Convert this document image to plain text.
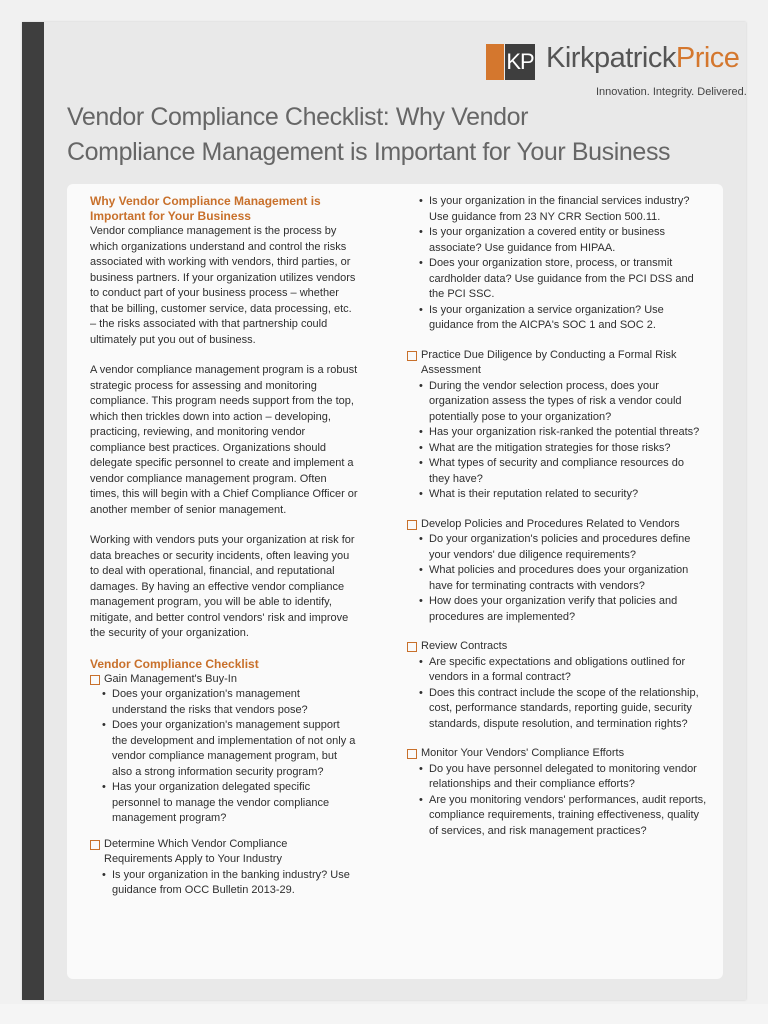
KP KirkpatrickPrice
Innovation. Integrity. Delivered.
Vendor Compliance Checklist: Why Vendor
Compliance Management is Important for Your Business

Why Vendor Compliance Management is Important for Your Business

Vendor compliance management is the process by which organizations understand and control the risks associated with working with vendors, third parties, or business partners. If your organization utilizes vendors to conduct part of your business process – whether that be billing, customer service, data processing, etc. – the risks associated with that partnership could ultimately put you out of business.

A vendor compliance management program is a robust strategic process for assessing and monitoring compliance. This program needs support from the top, which then trickles down into action – developing, practicing, reviewing, and monitoring vendor compliance best practices. Organizations should delegate specific personnel to create and implement a vendor compliance management program. Often times, this will begin with a Chief Compliance Officer or another member of senior management.

Working with vendors puts your organization at risk for data breaches or security incidents, often leaving you to deal with operational, financial, and reputational damages. By having an effective vendor compliance management program, you will be able to identify, mitigate, and better control vendors' risk and improve the security of your organization.

Vendor Compliance Checklist

Gain Management's Buy-In
• Does your organization's management understand the risks that vendors pose?
• Does your organization's management support the development and implementation of not only a vendor compliance management program, but also a strong information security program?
• Has your organization delegated specific personnel to manage the vendor compliance management program?
Determine Which Vendor Compliance Requirements Apply to Your Industry
• Is your organization in the banking industry? Use guidance from OCC Bulletin 2013-29.
• Is your organization in the financial services industry? Use guidance from 23 NY CRR Section 500.11.
• Is your organization a covered entity or business associate? Use guidance from HIPAA.
• Does your organization store, process, or transmit cardholder data? Use guidance from the PCI DSS and the PCI SSC.
• Is your organization a service organization? Use guidance from the AICPA's SOC 1 and SOC 2.
Practice Due Diligence by Conducting a Formal Risk Assessment
• During the vendor selection process, does your organization assess the types of risk a vendor could potentially pose to your organization?
• Has your organization risk-ranked the potential threats?
• What are the mitigation strategies for those risks?
• What types of security and compliance resources do they have?
• What is their reputation related to security?
Develop Policies and Procedures Related to Vendors
• Do your organization's policies and procedures define your vendors' due diligence requirements?
• What policies and procedures does your organization have for terminating contracts with vendors?
• How does your organization verify that policies and procedures are implemented?
Review Contracts
• Are specific expectations and obligations outlined for vendors in a formal contract?
• Does this contract include the scope of the relationship, cost, performance standards, reporting guide, security standards, dispute resolution, and termination rights?
Monitor Your Vendors' Compliance Efforts
• Do you have personnel delegated to monitoring vendor relationships and their compliance efforts?
• Are you monitoring vendors' performances, audit reports, compliance requirements, training effectiveness, quality of services, and risk management practices?
